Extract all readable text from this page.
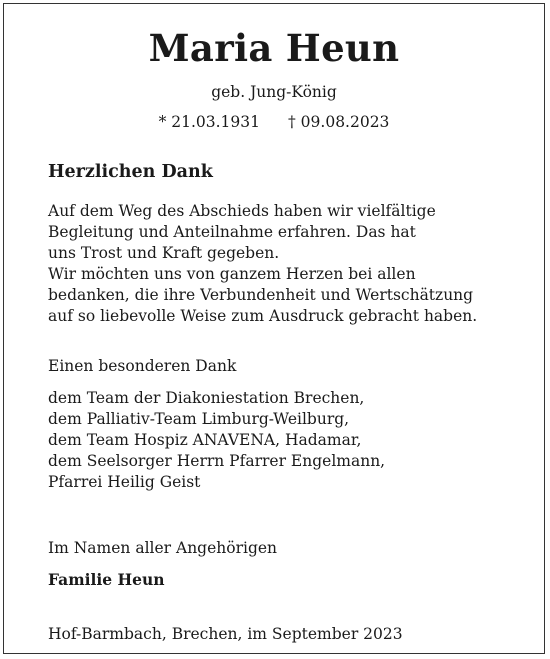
Maria Heun
geb. Jung-König
* 21.03.1931 † 09.08.2023
Herzlichen Dank
Auf dem Weg des Abschieds haben wir vielfältige
Begleitung und Anteilnahme erfahren. Das hat
uns Trost und Kraft gegeben.
Wir möchten uns von ganzem Herzen bei allen
bedanken, die ihre Verbundenheit und Wertschätzung
auf so liebevolle Weise zum Ausdruck gebracht haben.
Einen besonderen Dank
dem Team der Diakoniestation Brechen,
dem Palliativ-Team Limburg-Weilburg,
dem Team Hospiz ANAVENA, Hadamar,
dem Seelsorger Herrn Pfarrer Engelmann,
Pfarrei Heilig Geist
Im Namen aller Angehörigen
Familie Heun
Hof-Barmbach, Brechen, im September 2023
